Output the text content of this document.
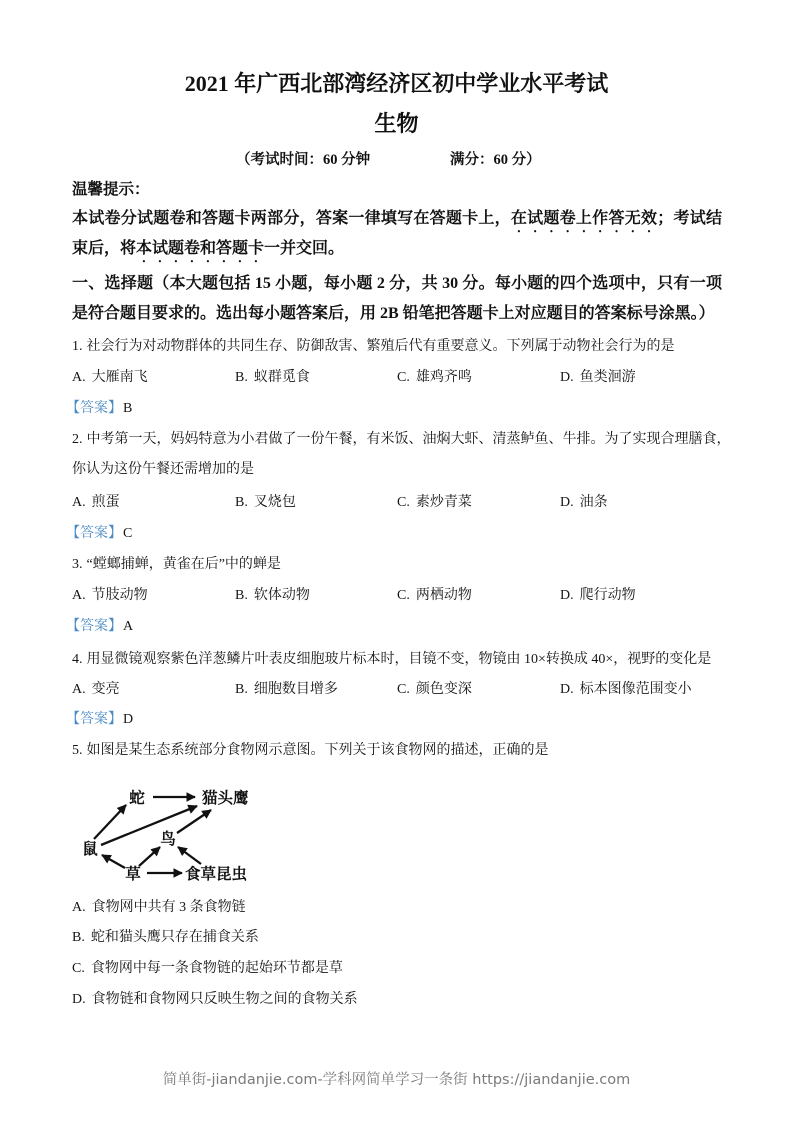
2021 年广西北部湾经济区初中学业水平考试
生物
（考试时间：60 分钟	满分：60 分）
温馨提示：
本试卷分试题卷和答题卡两部分，答案一律填写在答题卡上，在试题卷上作答无效；考试结
束后，将本试题卷和答题卡一并交回。
一、选择题（本大题包括 15 小题，每小题 2 分，共 30 分。每小题的四个选项中，只有一项
是符合题目要求的。选出每小题答案后，用 2B 铅笔把答题卡上对应题目的答案标号涂黑。）
1. 社会行为对动物群体的共同生存、防御敌害、繁殖后代有重要意义。下列属于动物社会行为的是
A. 大雁南飞	B. 蚁群觅食	C. 雄鸡齐鸣	D. 鱼类洄游
【答案】B
2. 中考第一天，妈妈特意为小君做了一份午餐，有米饭、油焖大虾、清蒸鲈鱼、牛排。为了实现合理膳食，
你认为这份午餐还需增加的是
A. 煎蛋	B. 叉烧包	C. 素炒青菜	D. 油条
【答案】C
3. “螳螂捕蝉，黄雀在后”中的蝉是
A. 节肢动物	B. 软体动物	C. 两栖动物	D. 爬行动物
【答案】A
4. 用显微镜观察紫色洋葱鳞片叶表皮细胞玻片标本时，目镜不变，物镜由 10×转换成 40×，视野的变化是
A. 变亮	B. 细胞数目增多	C. 颜色变深	D. 标本图像范围变小
【答案】D
5. 如图是某生态系统部分食物网示意图。下列关于该食物网的描述，正确的是
蛇	猫头鹰
鼠
鸟
草	食草昆虫
A. 食物网中共有 3 条食物链
B. 蛇和猫头鹰只存在捕食关系
C. 食物网中每一条食物链的起始环节都是草
D. 食物链和食物网只反映生物之间的食物关系
简单街-jiandanjie.com-学科网简单学习一条街 https://jiandanjie.com
